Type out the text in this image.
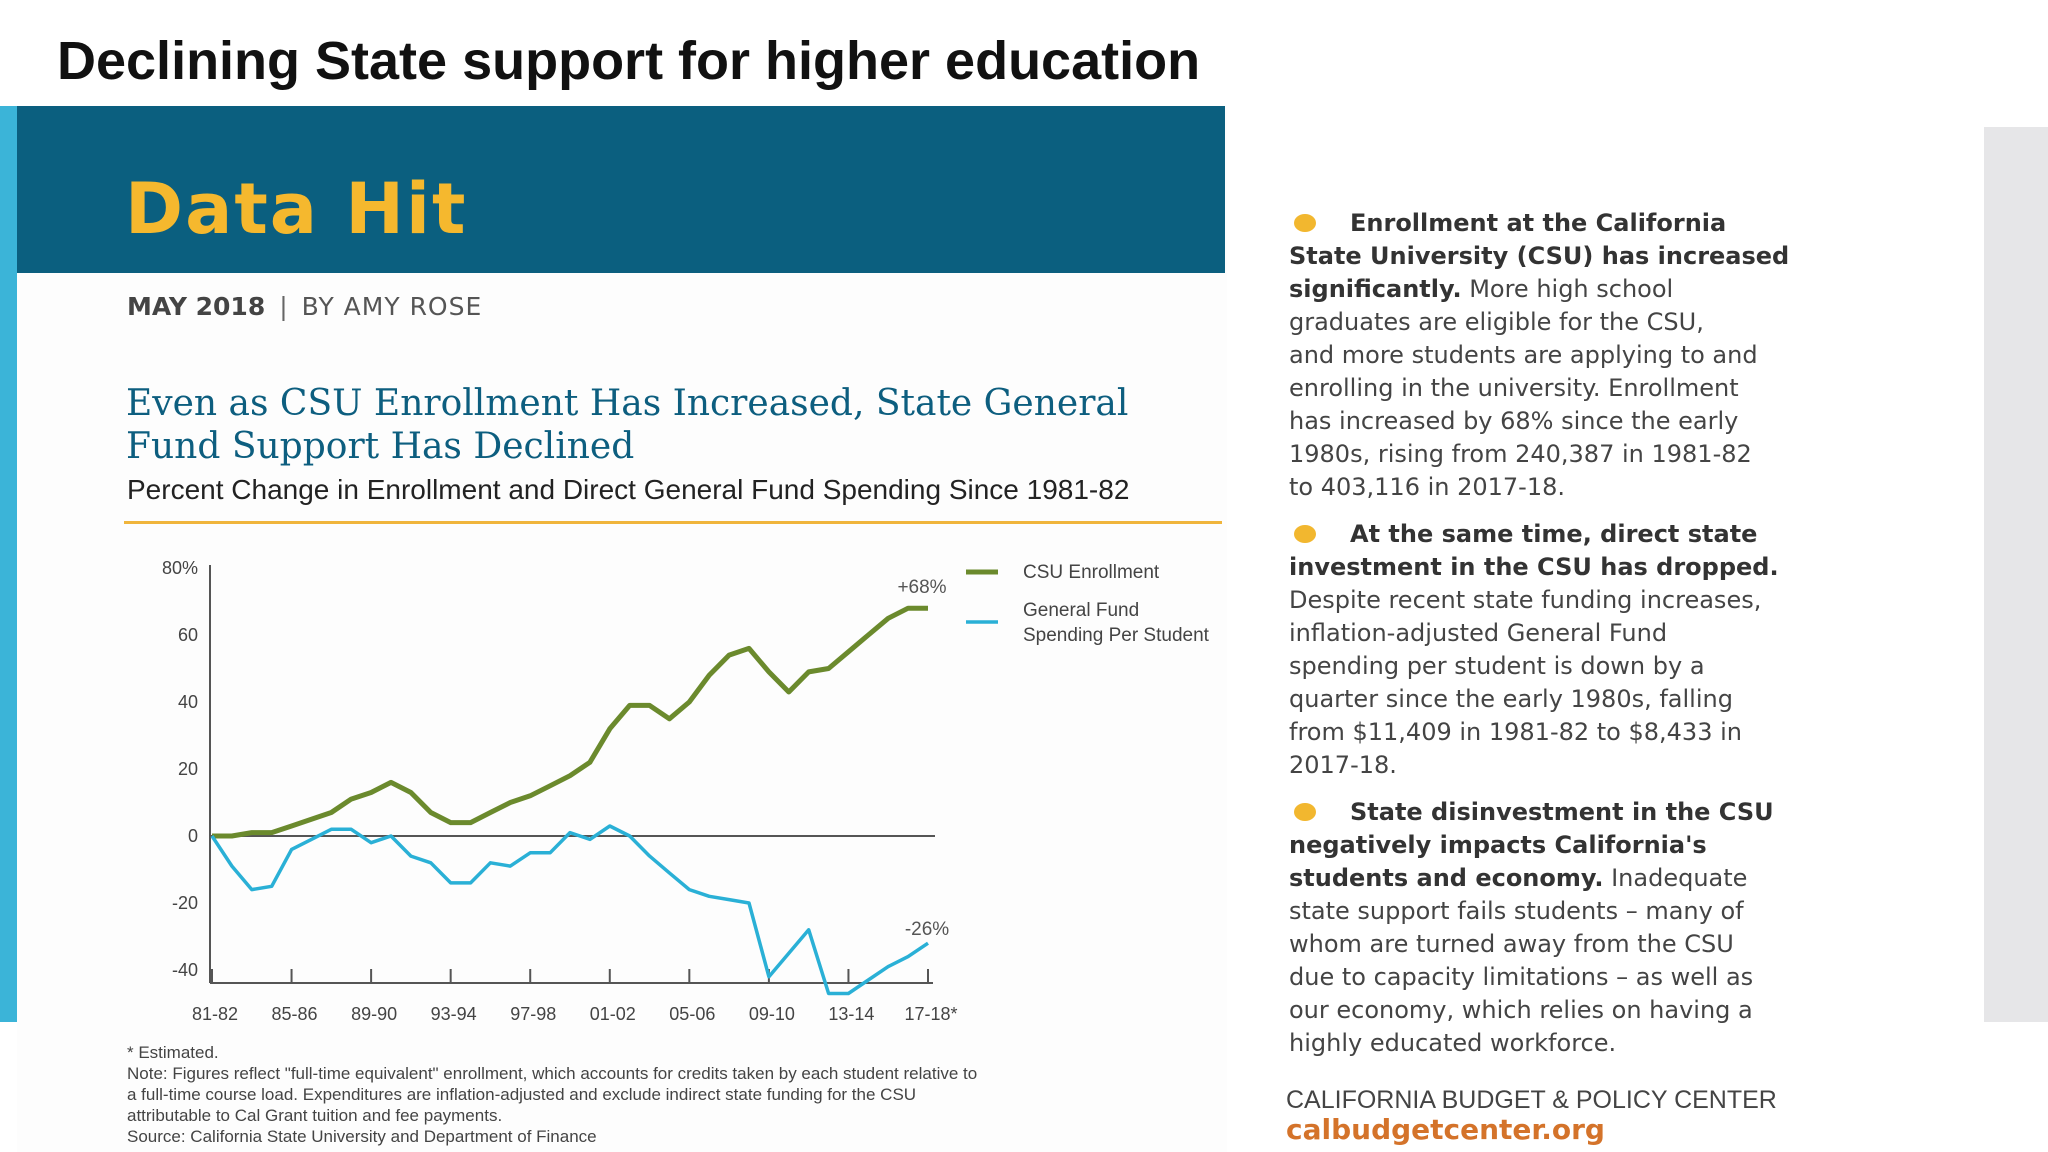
Declining State support for higher education
Data Hit
MAY 2018 | BY AMY ROSE
Even as CSU Enrollment Has Increased, State General
Fund Support Has Declined
Percent Change in Enrollment and Direct General Fund Spending Since 1981-82
80%
60
40
20
0
-20
-40
81-82 85-86 89-90 93-94 97-98 01-02 05-06 09-10 13-14 17-18*
+68%
-26%
CSU Enrollment
General Fund
Spending Per Student
* Estimated.
Note: Figures reflect "full-time equivalent" enrollment, which accounts for credits taken by each student relative to
a full-time course load. Expenditures are inflation-adjusted and exclude indirect state funding for the CSU
attributable to Cal Grant tuition and fee payments.
Source: California State University and Department of Finance
Enrollment at the California
State University (CSU) has increased
significantly. More high school
graduates are eligible for the CSU,
and more students are applying to and
enrolling in the university. Enrollment
has increased by 68% since the early
1980s, rising from 240,387 in 1981-82
to 403,116 in 2017-18.
At the same time, direct state
investment in the CSU has dropped.
Despite recent state funding increases,
inflation-adjusted General Fund
spending per student is down by a
quarter since the early 1980s, falling
from $11,409 in 1981-82 to $8,433 in
2017-18.
State disinvestment in the CSU
negatively impacts California's
students and economy. Inadequate
state support fails students – many of
whom are turned away from the CSU
due to capacity limitations – as well as
our economy, which relies on having a
highly educated workforce.
CALIFORNIA BUDGET & POLICY CENTER
calbudgetcenter.org
